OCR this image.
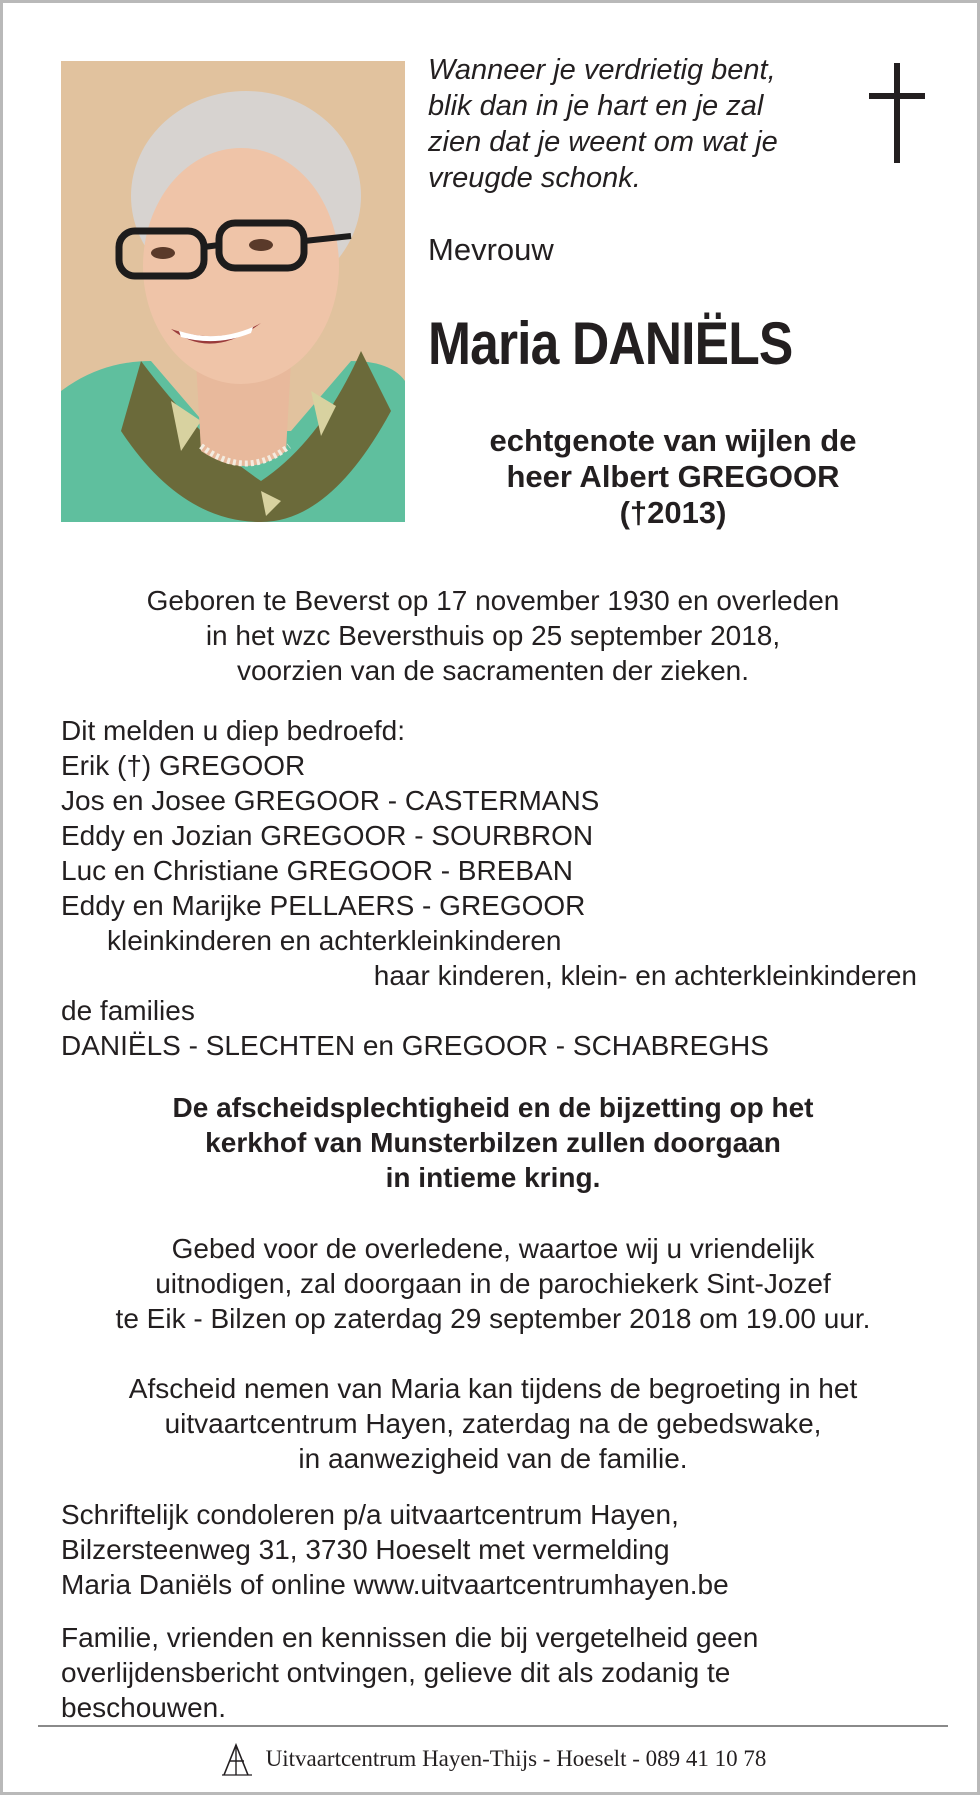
Wanneer je verdrietig bent,
blik dan in je hart en je zal
zien dat je weent om wat je
vreugde schonk.
Mevrouw
Maria DANIËLS
echtgenote van wijlen de
heer Albert GREGOOR
(†2013)
Geboren te Beverst op 17 november 1930 en overleden
in het wzc Beversthuis op 25 september 2018,
voorzien van de sacramenten der zieken.
Dit melden u diep bedroefd:
Erik (†) GREGOOR
Jos en Josee GREGOOR - CASTERMANS
Eddy en Jozian GREGOOR - SOURBRON
Luc en Christiane GREGOOR - BREBAN
Eddy en Marijke PELLAERS - GREGOOR
kleinkinderen en achterkleinkinderen
haar kinderen, klein- en achterkleinkinderen
de families
DANIËLS - SLECHTEN en GREGOOR - SCHABREGHS
De afscheidsplechtigheid en de bijzetting op het
kerkhof van Munsterbilzen zullen doorgaan
in intieme kring.
Gebed voor de overledene, waartoe wij u vriendelijk
uitnodigen, zal doorgaan in de parochiekerk Sint-Jozef
te Eik - Bilzen op zaterdag 29 september 2018 om 19.00 uur.
Afscheid nemen van Maria kan tijdens de begroeting in het
uitvaartcentrum Hayen, zaterdag na de gebedswake,
in aanwezigheid van de familie.
Schriftelijk condoleren p/a uitvaartcentrum Hayen,
Bilzersteenweg 31, 3730 Hoeselt met vermelding
Maria Daniëls of online www.uitvaartcentrumhayen.be
Familie, vrienden en kennissen die bij vergetelheid geen
overlijdensbericht ontvingen, gelieve dit als zodanig te
beschouwen.
Uitvaartcentrum Hayen-Thijs - Hoeselt - 089 41 10 78
